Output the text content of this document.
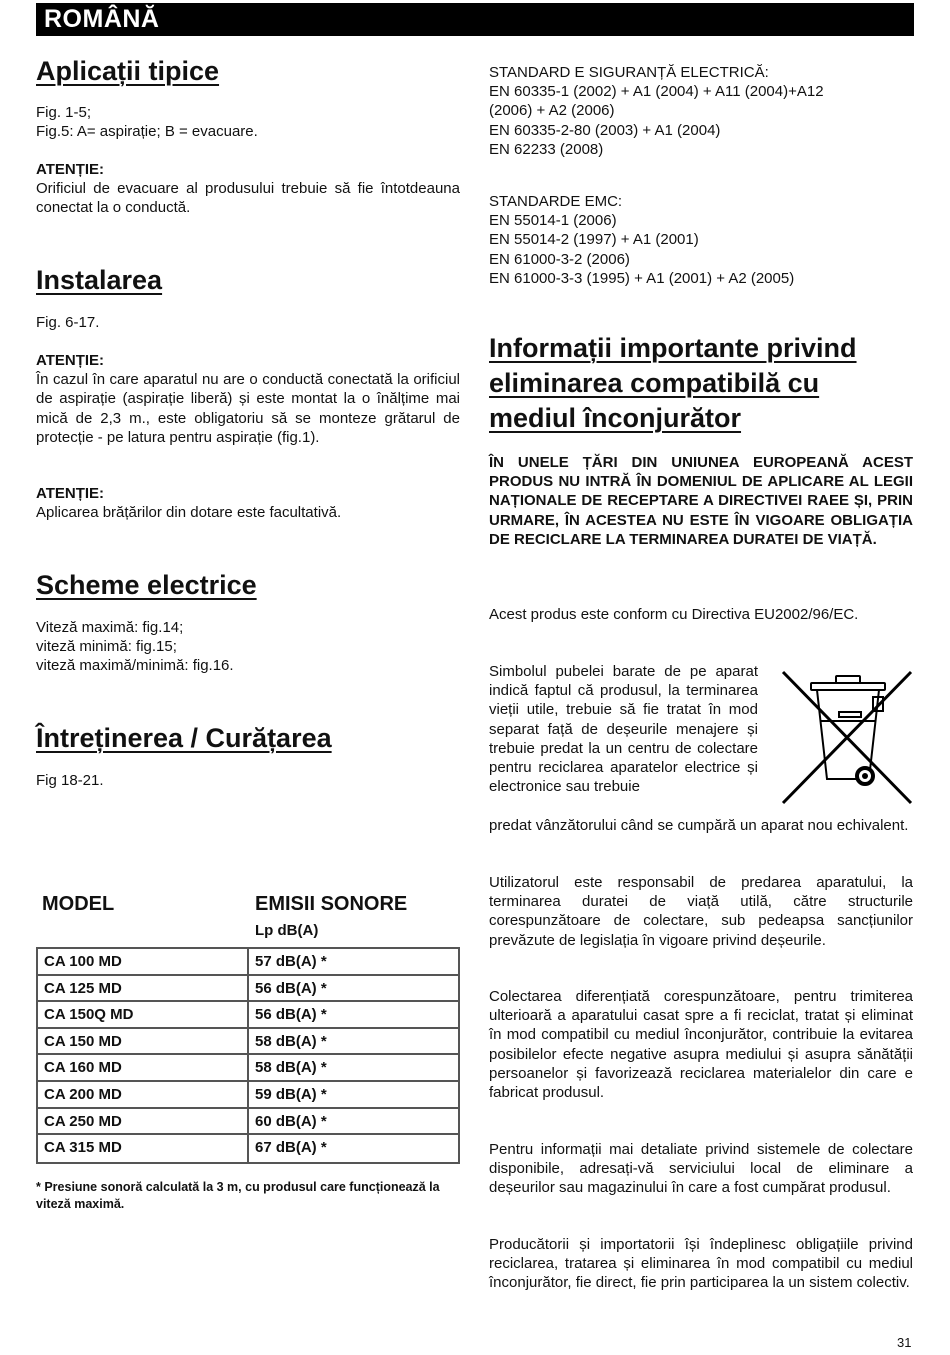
ROMÂNĂ
Aplicații tipice
Fig. 1-5;
Fig.5: A= aspirație; B = evacuare.
ATENȚIE:
Orificiul de evacuare al produsului trebuie să fie întotdeauna conectat la o conductă.
Instalarea
Fig. 6-17.
ATENȚIE:
În cazul în care aparatul nu are o conductă conectată la orificiul de aspirație (aspirație liberă) și este montat la o înălțime mai mică de 2,3 m., este obligatoriu să se monteze grătarul de protecție - pe latura pentru aspirație (fig.1).
ATENȚIE:
Aplicarea brățărilor din dotare este facultativă.
Scheme electrice
Viteză maximă: fig.14;
viteză minimă: fig.15;
viteză maximă/minimă: fig.16.
Întreținerea / Curățarea
Fig 18-21.
MODEL	EMISII SONORE
Lp dB(A)
CA 100 MD	57 dB(A) *
CA 125 MD	56 dB(A) *
CA 150Q MD	56 dB(A) *
CA 150 MD	58 dB(A) *
CA 160 MD	58 dB(A) *
CA 200 MD	59 dB(A) *
CA 250 MD	60 dB(A) *
CA 315 MD	67 dB(A) *
* Presiune sonoră calculată la 3 m, cu produsul care funcționează la viteză maximă.
STANDARD E SIGURANȚĂ ELECTRICĂ:
EN 60335-1 (2002) + A1 (2004) + A11 (2004)+A12
(2006) + A2 (2006)
EN 60335-2-80 (2003) + A1 (2004)
EN 62233 (2008)
STANDARDE EMC:
EN 55014-1 (2006)
EN 55014-2 (1997) + A1 (2001)
EN 61000-3-2 (2006)
EN 61000-3-3 (1995) + A1 (2001) + A2 (2005)
Informații importante privind
eliminarea compatibilă cu
mediul înconjurător
ÎN UNELE ȚĂRI DIN UNIUNEA EUROPEANĂ ACEST PRODUS NU INTRĂ ÎN DOMENIUL DE APLICARE AL LEGII NAȚIONALE DE RECEPTARE A DIRECTIVEI RAEE ȘI, PRIN URMARE, ÎN ACESTEA NU ESTE ÎN VIGOARE OBLIGAȚIA DE RECICLARE LA TERMINAREA DURATEI DE VIAȚĂ.
Acest produs este conform cu Directiva EU2002/96/EC.
Simbolul pubelei barate de pe aparat indică faptul că produsul, la terminarea vieții utile, trebuie să fie tratat în mod separat față de deșeurile menajere și trebuie predat la un centru de colectare pentru reciclarea aparatelor electrice și electronice sau trebuie
predat vânzătorului când se cumpără un aparat nou echivalent.
Utilizatorul este responsabil de predarea aparatului, la terminarea duratei de viață utilă, către structurile corespunzătoare de colectare, sub pedeapsa sancțiunilor prevăzute de legislația în vigoare privind deșeurile.
Colectarea diferențiată corespunzătoare, pentru trimiterea ulterioară a aparatului casat spre a fi reciclat, tratat și eliminat în mod compatibil cu mediul înconjurător, contribuie la evitarea posibilelor efecte negative asupra mediului și asupra sănătății persoanelor și favorizează reciclarea materialelor din care e fabricat produsul.
Pentru informații mai detaliate privind sistemele de colectare disponibile, adresați-vă serviciului local de eliminare a deșeurilor sau magazinului în care a fost cumpărat produsul.
Producătorii și importatorii își îndeplinesc obligațiile privind reciclarea, tratarea și eliminarea în mod compatibil cu mediul înconjurător, fie direct, fie prin participarea la un sistem colectiv.
31
